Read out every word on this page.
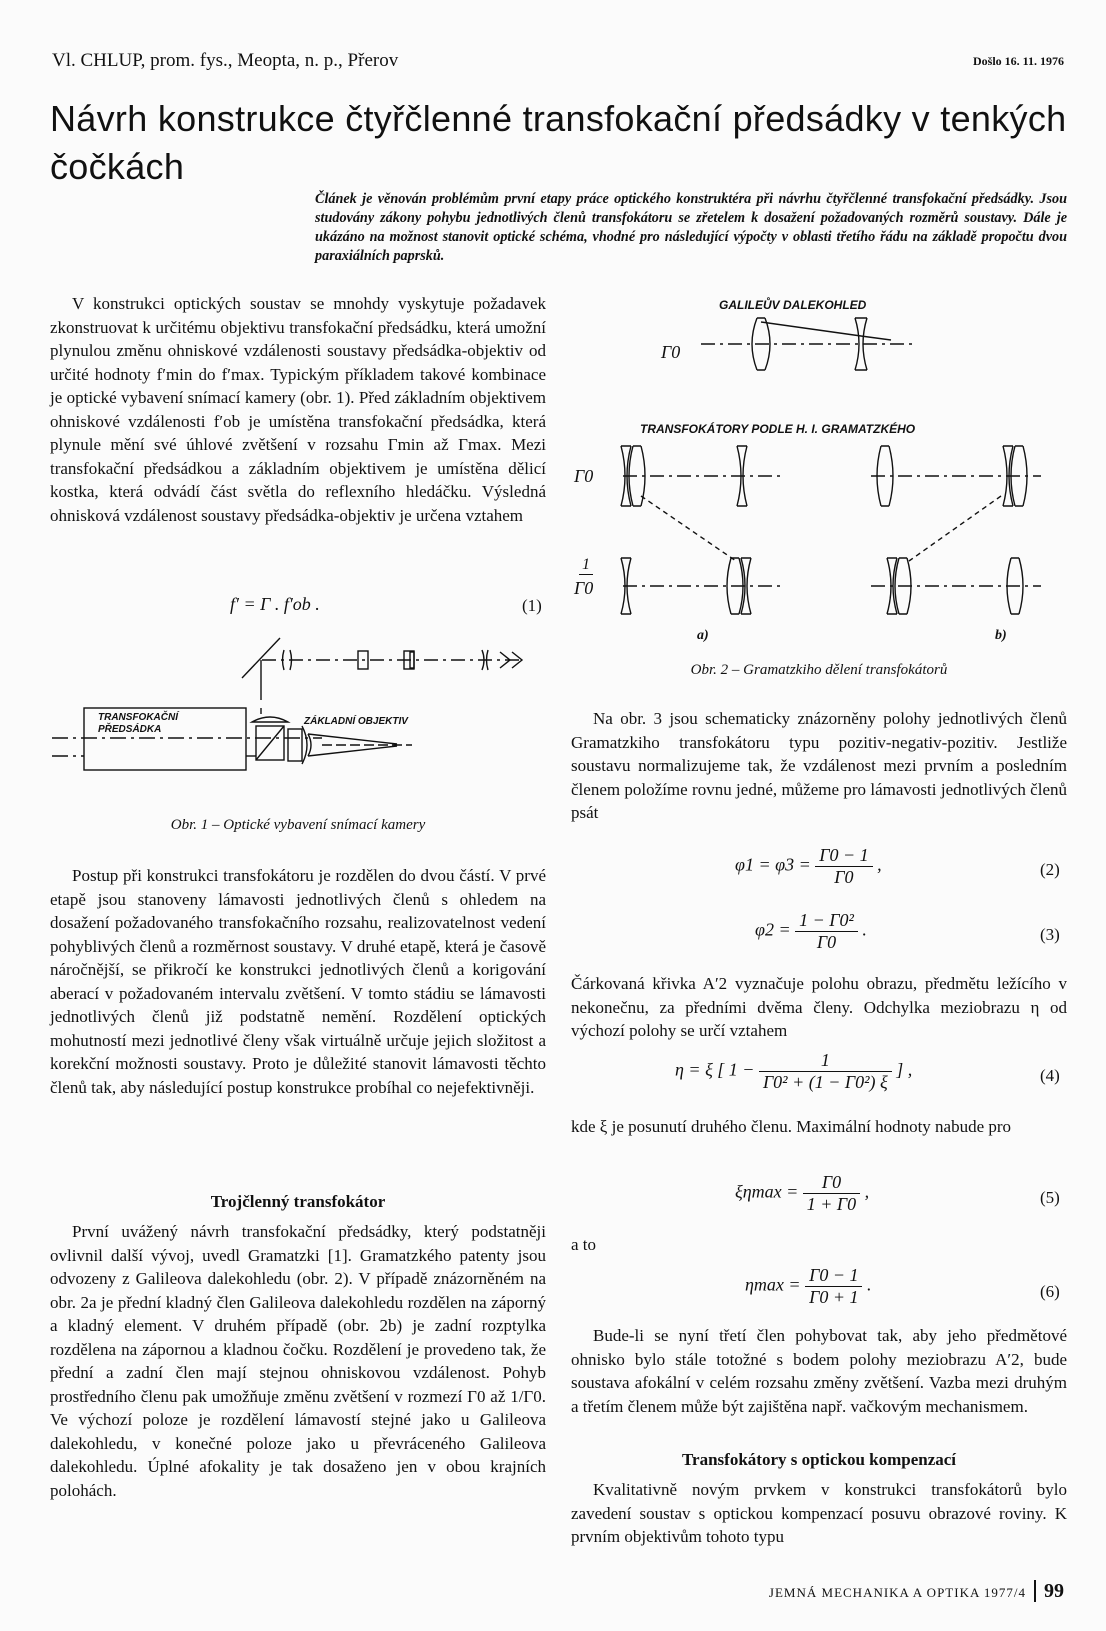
Vl. CHLUP, prom. fys., Meopta, n. p., Přerov	Došlo 16. 11. 1976
Návrh konstrukce čtyřčlenné transfokační předsádky v tenkých čočkách
Článek je věnován problémům první etapy práce optického konstruktéra při návrhu čtyřčlenné transfokační předsádky. Jsou studovány zákony pohybu jednotlivých členů transfokátoru se zřetelem k dosažení požadovaných rozměrů soustavy. Dále je ukázáno na možnost stanovit optické schéma, vhodné pro následující výpočty v oblasti třetího řádu na základě propočtu dvou paraxiálních paprsků.

V konstrukci optických soustav se mnohdy vyskytuje požadavek zkonstruovat k určitému objektivu transfokační předsádku, která umožní plynulou změnu ohniskové vzdálenosti soustavy předsádka-objektiv od určité hodnoty f′min do f′max. Typickým příkladem takové kombinace je optické vybavení snímací kamery (obr. 1). Před základním objektivem ohniskové vzdálenosti f′ob je umístěna transfokační předsádka, která plynule mění své úhlové zvětšení v rozsahu Γmin až Γmax. Mezi transfokační předsádkou a základním objektivem je umístěna dělicí kostka, která odvádí část světla do reflexního hledáčku. Výsledná ohnisková vzdálenost soustavy předsádka-objektiv je určena vztahem

f′ = Γ . f′ob .	(1)
TRANSFOKAČNÍ PŘEDSÁDKA
ZÁKLADNÍ OBJEKTIV
Obr. 1 – Optické vybavení snímací kamery

Postup při konstrukci transfokátoru je rozdělen do dvou částí. V prvé etapě jsou stanoveny lámavosti jednotlivých členů s ohledem na dosažení požadovaného transfokačního rozsahu, realizovatelnost vedení pohyblivých členů a rozměrnost soustavy. V druhé etapě, která je časově náročnější, se přikročí ke konstrukci jednotlivých členů a korigování aberací v požadovaném intervalu zvětšení. V tomto stádiu se lámavosti jednotlivých členů již podstatně nemění. Rozdělení optických mohutností mezi jednotlivé členy však virtuálně určuje jejich složitost a korekční možnosti soustavy. Proto je důležité stanovit lámavosti těchto členů tak, aby následující postup konstrukce probíhal co nejefektivněji.

Trojčlenný transfokátor

První uvážený návrh transfokační předsádky, který podstatněji ovlivnil další vývoj, uvedl Gramatzki [1]. Gramatzkého patenty jsou odvozeny z Galileova dalekohledu (obr. 2). V případě znázorněném na obr. 2a je přední kladný člen Galileova dalekohledu rozdělen na záporný a kladný element. V druhém případě (obr. 2b) je zadní rozptylka rozdělena na zápornou a kladnou čočku. Rozdělení je provedeno tak, že přední a zadní člen mají stejnou ohniskovou vzdálenost. Pohyb prostředního členu pak umožňuje změnu zvětšení v rozmezí Γ0 až 1/Γ0. Ve výchozí poloze je rozdělení lámavostí stejné jako u Galileova dalekohledu, v konečné poloze jako u převráceného Galileova dalekohledu. Úplné afokality je tak dosaženo jen v obou krajních polohách.

GALILEŮV DALEKOHLED
TRANSFOKÁTORY PODLE H. I. GRAMATZKÉHO
Γ0
Γ0
1
Γ0
a)	b)
Obr. 2 – Gramatzkiho dělení transfokátorů

Na obr. 3 jsou schematicky znázorněny polohy jednotlivých členů Gramatzkiho transfokátoru typu pozitiv-negativ-pozitiv. Jestliže soustavu normalizujeme tak, že vzdálenost mezi prvním a posledním členem položíme rovnu jedné, můžeme pro lámavosti jednotlivých členů psát

$\varphi 1 = \varphi 3 = \frac{\Gamma 0 - 1}{\Gamma 0}$ ,	(2)
$\varphi 2 = \frac{\text{1 − Γ0²}}{\Gamma 0}$ .	(3)

Čárkovaná křivka A′2 vyznačuje polohu obrazu, předmětu ležícího v nekonečnu, za předními dvěma členy. Odchylka meziobrazu η od výchozí polohy se určí vztahem

η = ξ [ $1 - \frac{1}{\text{Γ0² + (1 − Γ0²) ξ}}$ ] ,	(4)

kde ξ je posunutí druhého členu. Maximální hodnoty nabude pro

$\xi\eta\max = \frac{\Gamma 0}{1 + \Gamma 0}$ ,	(5)
a to
$\eta\max = \frac{\Gamma 0 - 1}{\Gamma 0 + 1}$ .	(6)

Bude-li se nyní třetí člen pohybovat tak, aby jeho předmětové ohnisko bylo stále totožné s bodem polohy meziobrazu A′2, bude soustava afokální v celém rozsahu změny zvětšení. Vazba mezi druhým a třetím členem může být zajištěna např. vačkovým mechanismem.

Transfokátory s optickou kompenzací

Kvalitativně novým prvkem v konstrukci transfokátorů bylo zavedení soustav s optickou kompenzací posuvu obrazové roviny. K prvním objektivům tohoto typu

JEMNÁ MECHANIKA A OPTIKA 1977/4 99
